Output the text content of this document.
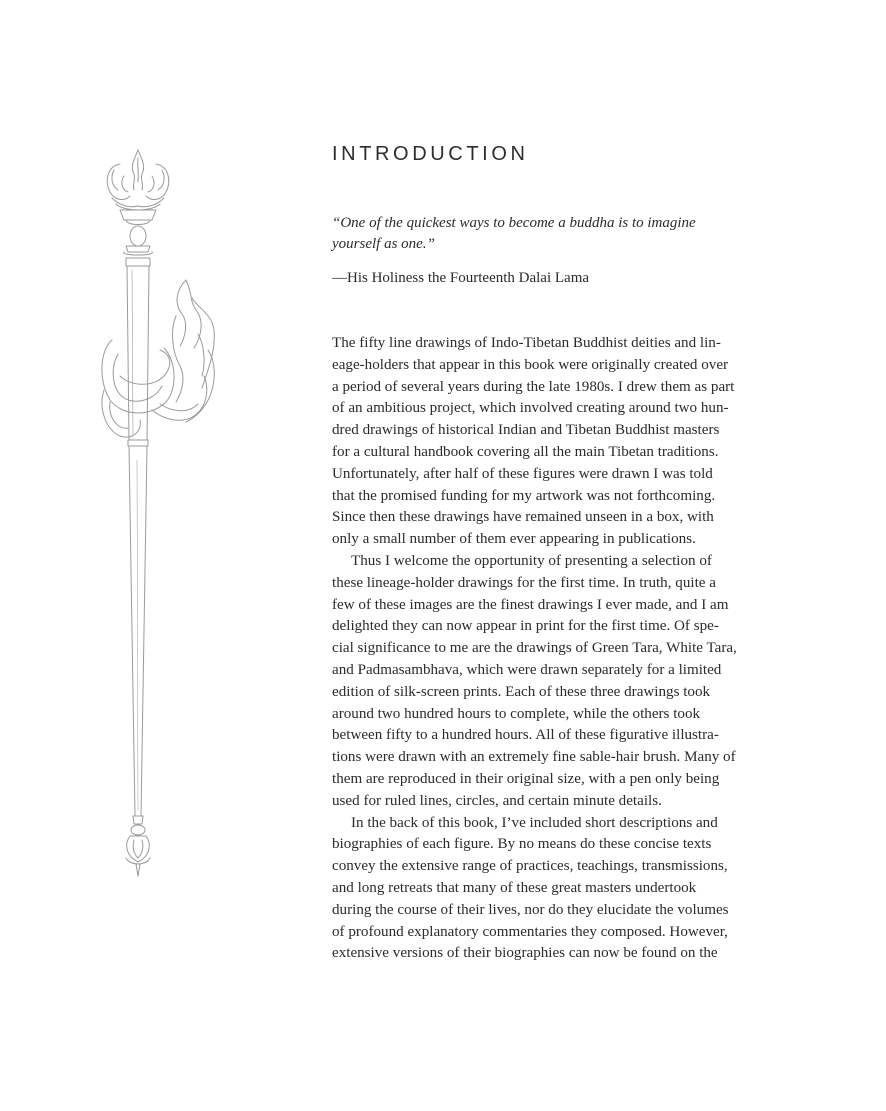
INTRODUCTION

“One of the quickest ways to become a buddha is to imagine
yourself as one.”

—His Holiness the Fourteenth Dalai Lama

The fifty line drawings of Indo-Tibetan Buddhist deities and lin-
eage-holders that appear in this book were originally created over
a period of several years during the late 1980s. I drew them as part
of an ambitious project, which involved creating around two hun-
dred drawings of historical Indian and Tibetan Buddhist masters
for a cultural handbook covering all the main Tibetan traditions.
Unfortunately, after half of these figures were drawn I was told
that the promised funding for my artwork was not forthcoming.
Since then these drawings have remained unseen in a box, with
only a small number of them ever appearing in publications.
Thus I welcome the opportunity of presenting a selection of
these lineage-holder drawings for the first time. In truth, quite a
few of these images are the finest drawings I ever made, and I am
delighted they can now appear in print for the first time. Of spe-
cial significance to me are the drawings of Green Tara, White Tara,
and Padmasambhava, which were drawn separately for a limited
edition of silk-screen prints. Each of these three drawings took
around two hundred hours to complete, while the others took
between fifty to a hundred hours. All of these figurative illustra-
tions were drawn with an extremely fine sable-hair brush. Many of
them are reproduced in their original size, with a pen only being
used for ruled lines, circles, and certain minute details.
In the back of this book, I’ve included short descriptions and
biographies of each figure. By no means do these concise texts
convey the extensive range of practices, teachings, transmissions,
and long retreats that many of these great masters undertook
during the course of their lives, nor do they elucidate the volumes
of profound explanatory commentaries they composed. However,
extensive versions of their biographies can now be found on the
